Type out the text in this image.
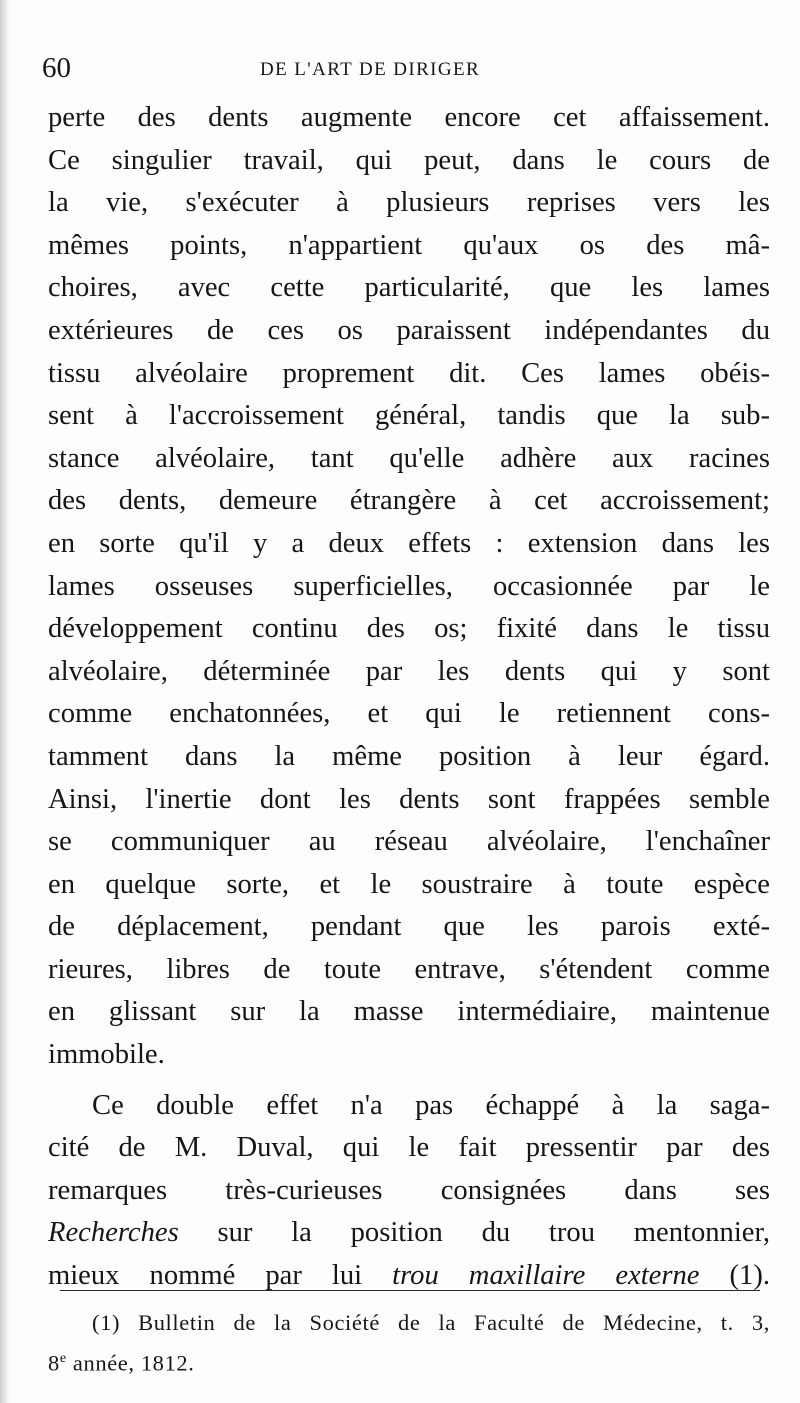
60	DE L'ART DE DIRIGER
perte des dents augmente encore cet affaissement.
Ce singulier travail, qui peut, dans le cours de
la vie, s'exécuter à plusieurs reprises vers les
mêmes points, n'appartient qu'aux os des mâ-
choires, avec cette particularité, que les lames
extérieures de ces os paraissent indépendantes du
tissu alvéolaire proprement dit. Ces lames obéis-
sent à l'accroissement général, tandis que la sub-
stance alvéolaire, tant qu'elle adhère aux racines
des dents, demeure étrangère à cet accroissement;
en sorte qu'il y a deux effets : extension dans les
lames osseuses superficielles, occasionnée par le
développement continu des os; fixité dans le tissu
alvéolaire, déterminée par les dents qui y sont
comme enchatonnées, et qui le retiennent cons-
tamment dans la même position à leur égard.
Ainsi, l'inertie dont les dents sont frappées semble
se communiquer au réseau alvéolaire, l'enchaîner
en quelque sorte, et le soustraire à toute espèce
de déplacement, pendant que les parois exté-
rieures, libres de toute entrave, s'étendent comme
en glissant sur la masse intermédiaire, maintenue
immobile.
Ce double effet n'a pas échappé à la saga-
cité de M. Duval, qui le fait pressentir par des
remarques très-curieuses consignées dans ses
Recherches sur la position du trou mentonnier,
mieux nommé par lui trou maxillaire externe (1).
(1) Bulletin de la Société de la Faculté de Médecine, t. 3,
8e année, 1812.
